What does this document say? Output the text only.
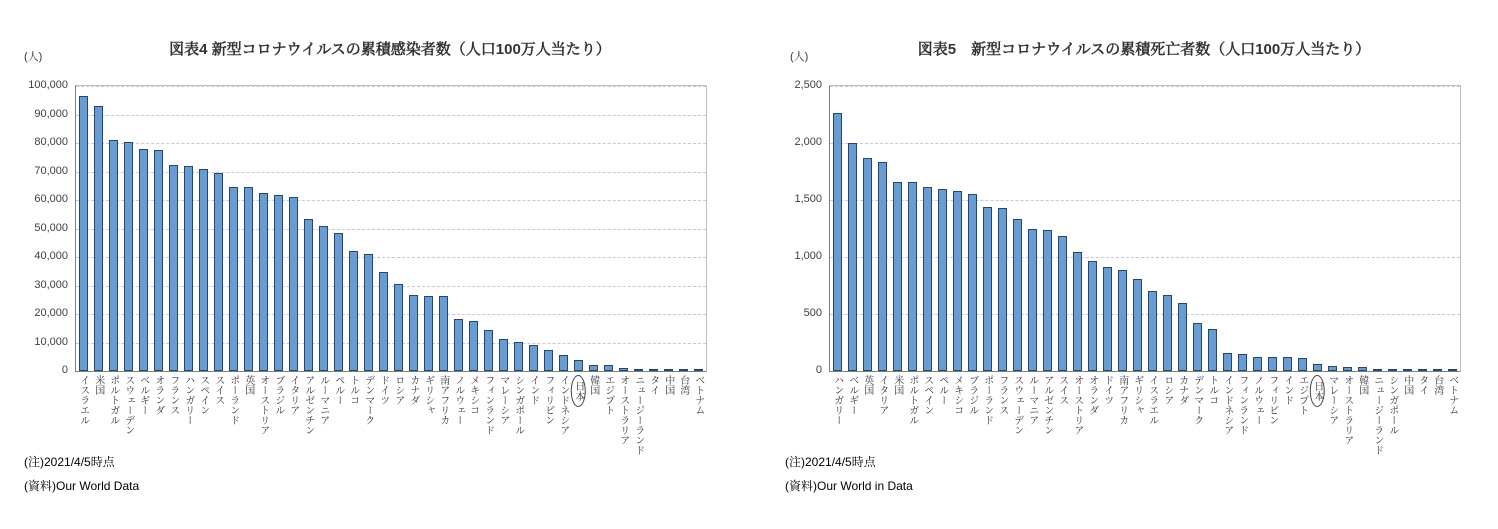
(人)	図表4 新型コロナウイルスの累積感染者数（人口100万人当たり）
0
10,000
20,000
30,000
40,000
50,000
60,000
70,000
80,000
90,000
100,000
イスラエル 米国 ポルトガル スウェーデン ベルギー オランダ フランス ハンガリー スペイン スイス ポーランド 英国 オーストリア ブラジル イタリア アルゼンチン ルーマニア ペルー トルコ デンマーク ドイツ ロシア カナダ ギリシャ 南アフリカ ノルウェー メキシコ フィンランド マレーシア シンガポール インド フィリピン インドネシア 日本 韓国 エジプト オーストラリア ニュージーランド タイ 中国 台湾 ベトナム
(注)2021/4/5時点
(資料)Our World Data
(人)	図表5　新型コロナウイルスの累積死亡者数（人口100万人当たり）
0
500
1,000
1,500
2,000
2,500
ハンガリー ベルギー 英国 イタリア 米国 ポルトガル スペイン ペルー メキシコ ブラジル ポーランド フランス スウェーデン ルーマニア アルゼンチン スイス オーストリア オランダ ドイツ 南アフリカ ギリシャ イスラエル ロシア カナダ デンマーク トルコ インドネシア フィンランド ノルウェー フィリピン インド エジプト 日本 マレーシア オーストラリア 韓国 ニュージーランド シンガポール 中国 タイ 台湾 ベトナム
(注)2021/4/5時点
(資料)Our World in Data
